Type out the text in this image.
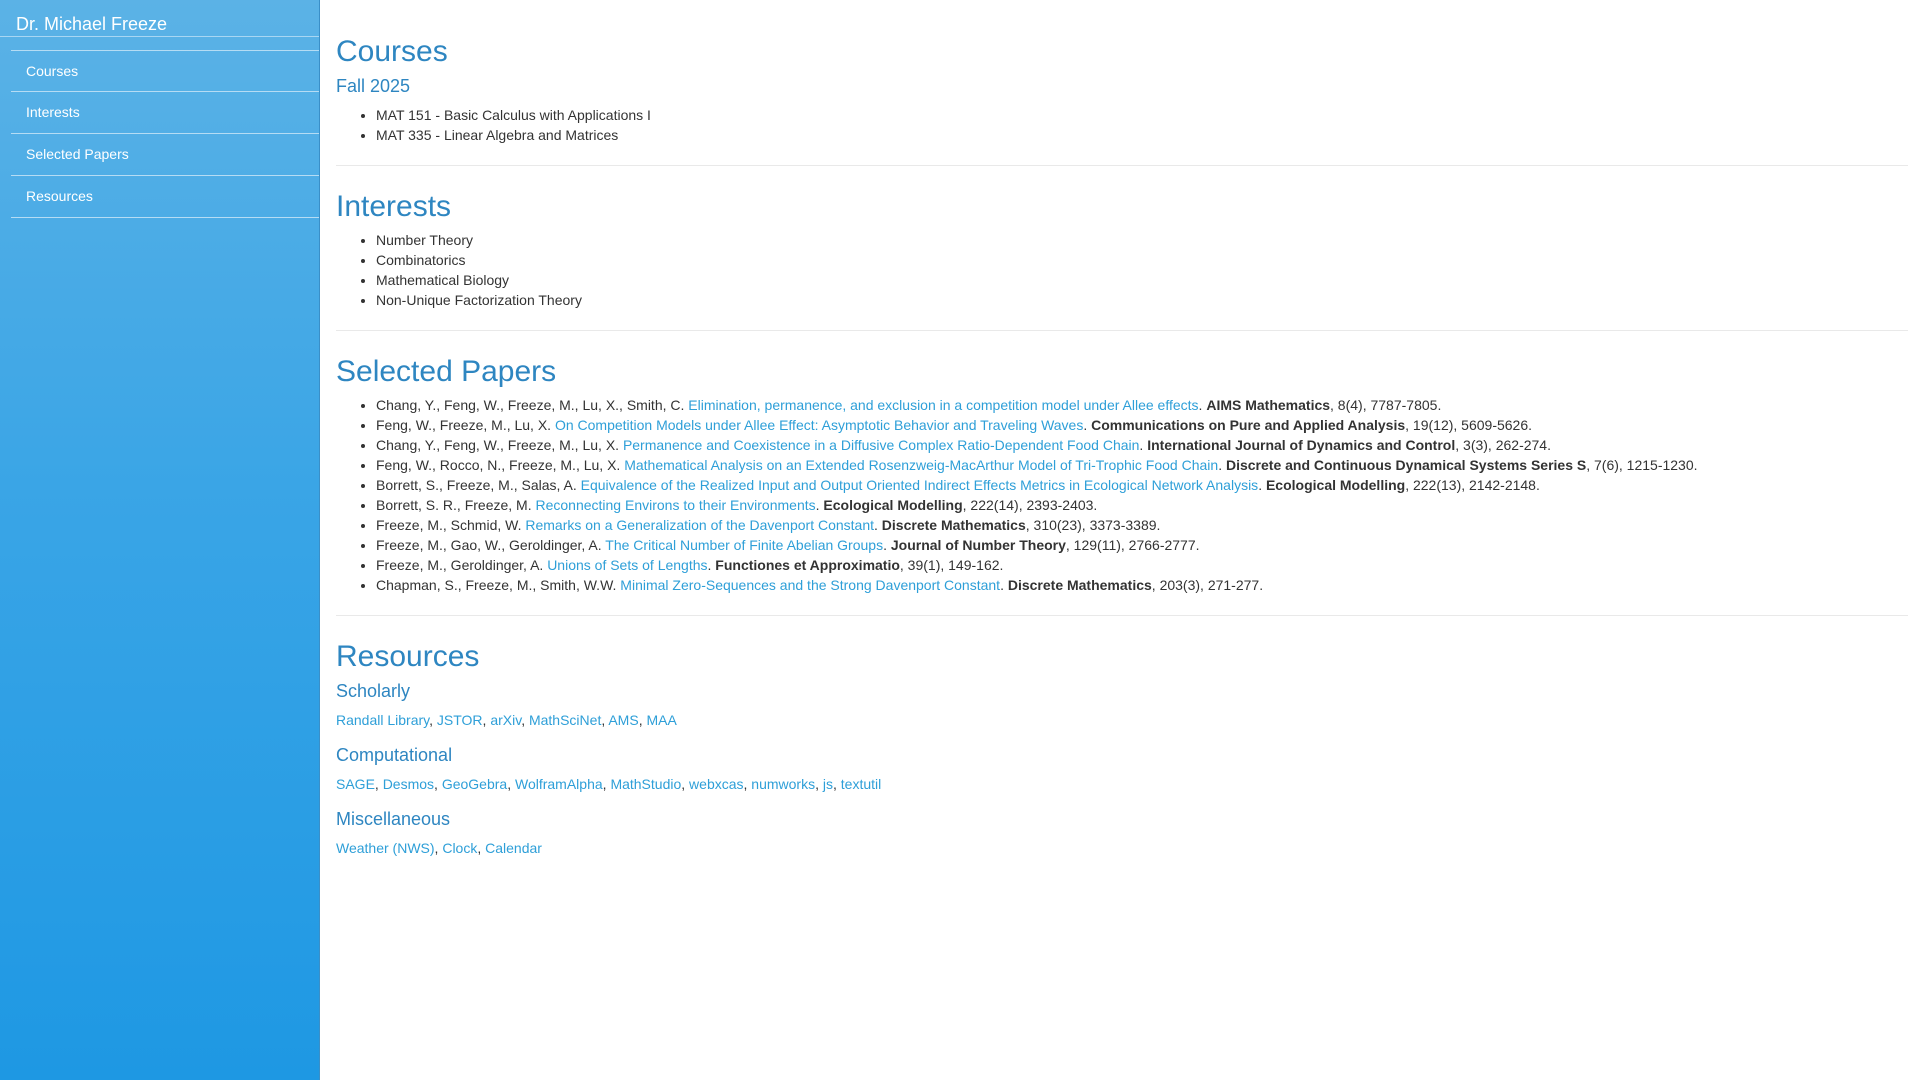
Dr. Michael Freeze
Courses
Interests
Selected Papers
Resources
Courses
Fall 2025
• MAT 151 - Basic Calculus with Applications I
• MAT 335 - Linear Algebra and Matrices
Interests
• Number Theory
• Combinatorics
• Mathematical Biology
• Non-Unique Factorization Theory
Selected Papers
• Chang, Y., Feng, W., Freeze, M., Lu, X., Smith, C. Elimination, permanence, and exclusion in a competition model under Allee effects. AIMS Mathematics, 8(4), 7787-7805.
• Feng, W., Freeze, M., Lu, X. On Competition Models under Allee Effect: Asymptotic Behavior and Traveling Waves. Communications on Pure and Applied Analysis, 19(12), 5609-5626.
• Chang, Y., Feng, W., Freeze, M., Lu, X. Permanence and Coexistence in a Diffusive Complex Ratio-Dependent Food Chain. International Journal of Dynamics and Control, 3(3), 262-274.
• Feng, W., Rocco, N., Freeze, M., Lu, X. Mathematical Analysis on an Extended Rosenzweig-MacArthur Model of Tri-Trophic Food Chain. Discrete and Continuous Dynamical Systems Series S, 7(6), 1215-1230.
• Borrett, S., Freeze, M., Salas, A. Equivalence of the Realized Input and Output Oriented Indirect Effects Metrics in Ecological Network Analysis. Ecological Modelling, 222(13), 2142-2148.
• Borrett, S. R., Freeze, M. Reconnecting Environs to their Environments. Ecological Modelling, 222(14), 2393-2403.
• Freeze, M., Schmid, W. Remarks on a Generalization of the Davenport Constant. Discrete Mathematics, 310(23), 3373-3389.
• Freeze, M., Gao, W., Geroldinger, A. The Critical Number of Finite Abelian Groups. Journal of Number Theory, 129(11), 2766-2777.
• Freeze, M., Geroldinger, A. Unions of Sets of Lengths. Functiones et Approximatio, 39(1), 149-162.
• Chapman, S., Freeze, M., Smith, W.W. Minimal Zero-Sequences and the Strong Davenport Constant. Discrete Mathematics, 203(3), 271-277.
Resources
Scholarly

Randall Library, JSTOR, arXiv, MathSciNet, AMS, MAA

Computational

SAGE, Desmos, GeoGebra, WolframAlpha, MathStudio, webxcas, numworks, js, textutil

Miscellaneous

Weather (NWS), Clock, Calendar
